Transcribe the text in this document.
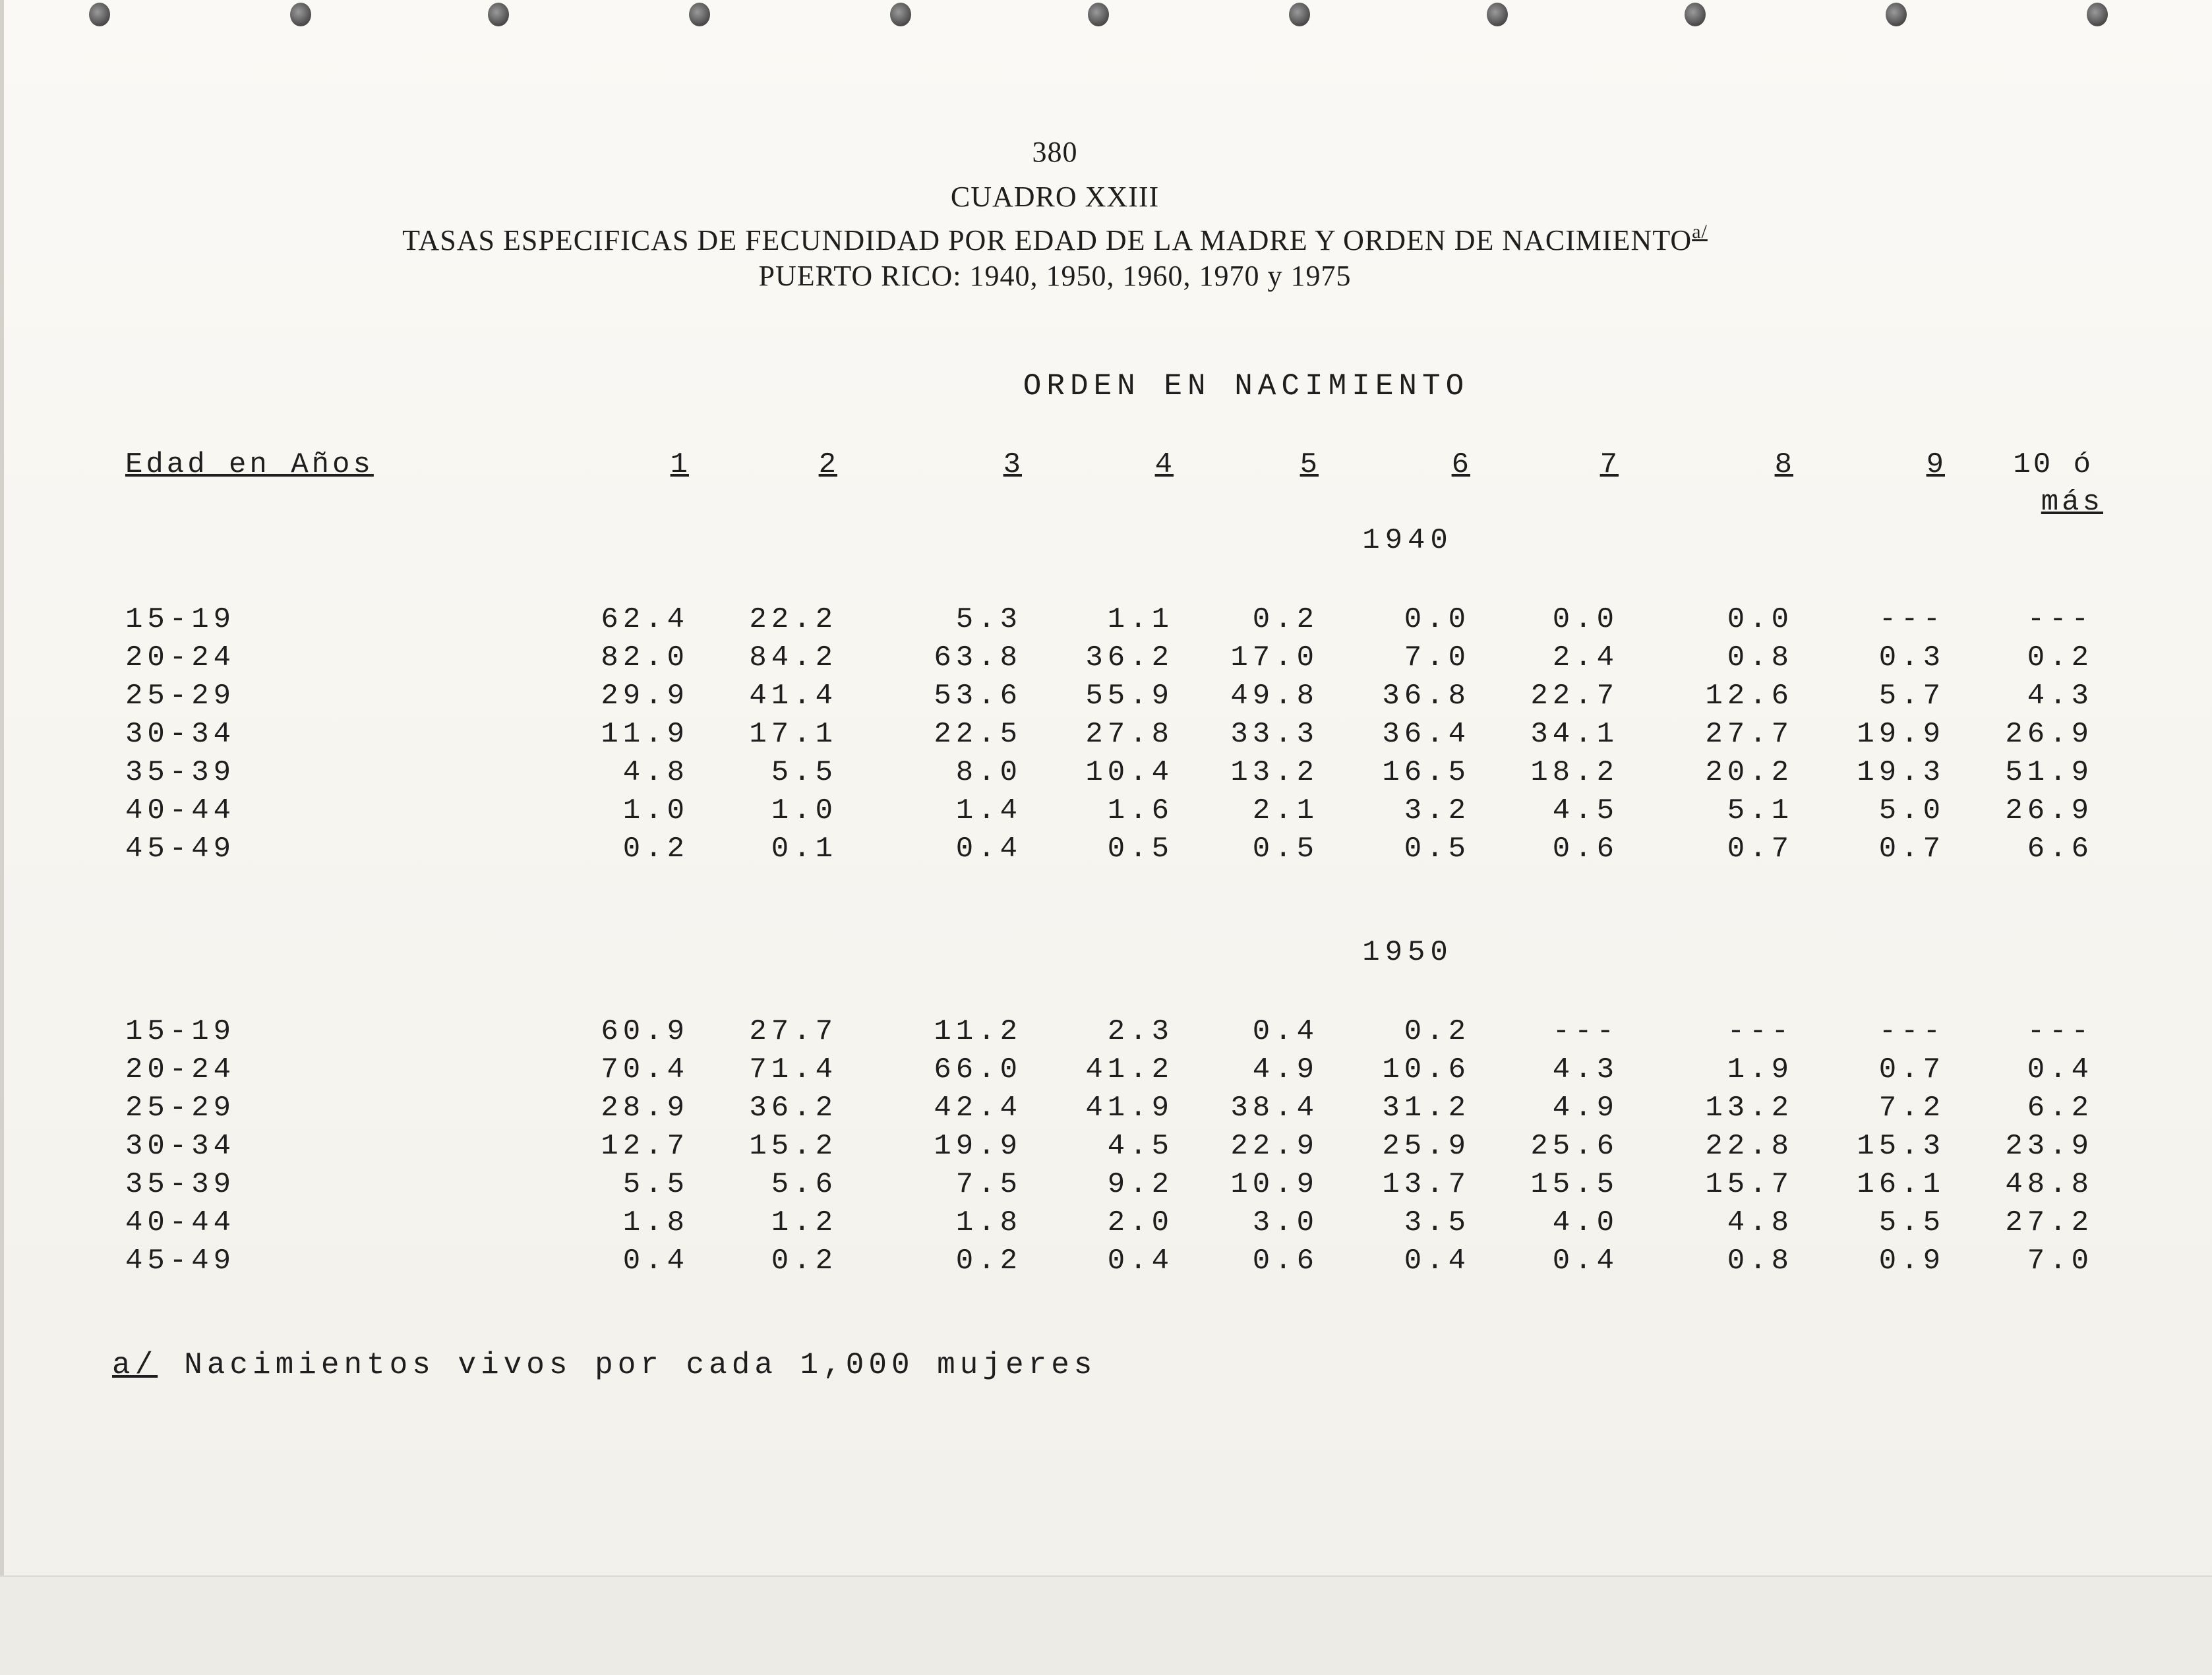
380
CUADRO XXIII
TASAS ESPECIFICAS DE FECUNDIDAD POR EDAD DE LA MADRE Y ORDEN DE $NACIMIENTO^{a/}$
PUERTO RICO: 1940, 1950, 1960, 1970 y 1975
ORDEN EN NACIMIENTO
Edad en Años	1	2	3	4	5	6	7	8	9	10 ó
más
1940
15-19	62.4	22.2	5.3	1.1	0.2	0.0	0.0	0.0	---	---
20-24	82.0	84.2	63.8	36.2	17.0	7.0	2.4	0.8	0.3	0.2
25-29	29.9	41.4	53.6	55.9	49.8	36.8	22.7	12.6	5.7	4.3
30-34	11.9	17.1	22.5	27.8	33.3	36.4	34.1	27.7	19.9	26.9
35-39	4.8	5.5	8.0	10.4	13.2	16.5	18.2	20.2	19.3	51.9
40-44	1.0	1.0	1.4	1.6	2.1	3.2	4.5	5.1	5.0	26.9
45-49	0.2	0.1	0.4	0.5	0.5	0.5	0.6	0.7	0.7	6.6
1950
15-19	60.9	27.7	11.2	2.3	0.4	0.2	---	---	---	---
20-24	70.4	71.4	66.0	41.2	4.9	10.6	4.3	1.9	0.7	0.4
25-29	28.9	36.2	42.4	41.9	38.4	31.2	4.9	13.2	7.2	6.2
30-34	12.7	15.2	19.9	4.5	22.9	25.9	25.6	22.8	15.3	23.9
35-39	5.5	5.6	7.5	9.2	10.9	13.7	15.5	15.7	16.1	48.8
40-44	1.8	1.2	1.8	2.0	3.0	3.5	4.0	4.8	5.5	27.2
45-49	0.4	0.2	0.2	0.4	0.6	0.4	0.4	0.8	0.9	7.0
a/ Nacimientos vivos por cada 1,000 mujeres
